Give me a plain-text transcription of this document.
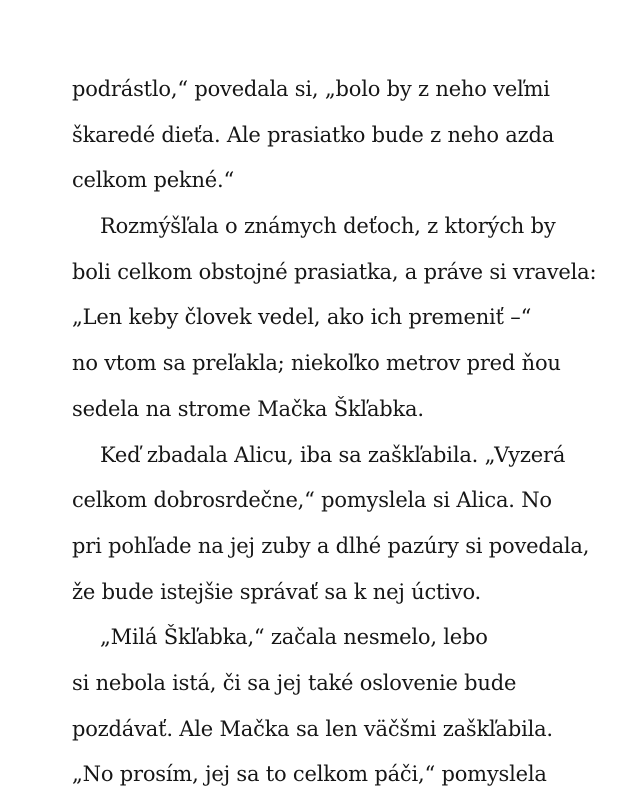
podrástlo,“ povedala si, „bolo by z neho veľmi
škaredé dieťa. Ale prasiatko bude z neho azda
celkom pekné.“
Rozmýšľala o známych deťoch, z ktorých by
boli celkom obstojné prasiatka, a práve si vravela:
„Len keby človek vedel, ako ich premeniť –“
no vtom sa preľakla; niekoľko metrov pred ňou
sedela na strome Mačka Škľabka.
Keď zbadala Alicu, iba sa zaškľabila. „Vyzerá
celkom dobrosrdečne,“ pomyslela si Alica. No
pri pohľade na jej zuby a dlhé pazúry si povedala,
že bude istejšie správať sa k nej úctivo.
„Milá Škľabka,“ začala nesmelo, lebo
si nebola istá, či sa jej také oslovenie bude
pozdávať. Ale Mačka sa len väčšmi zaškľabila.
„No prosím, jej sa to celkom páči,“ pomyslela
